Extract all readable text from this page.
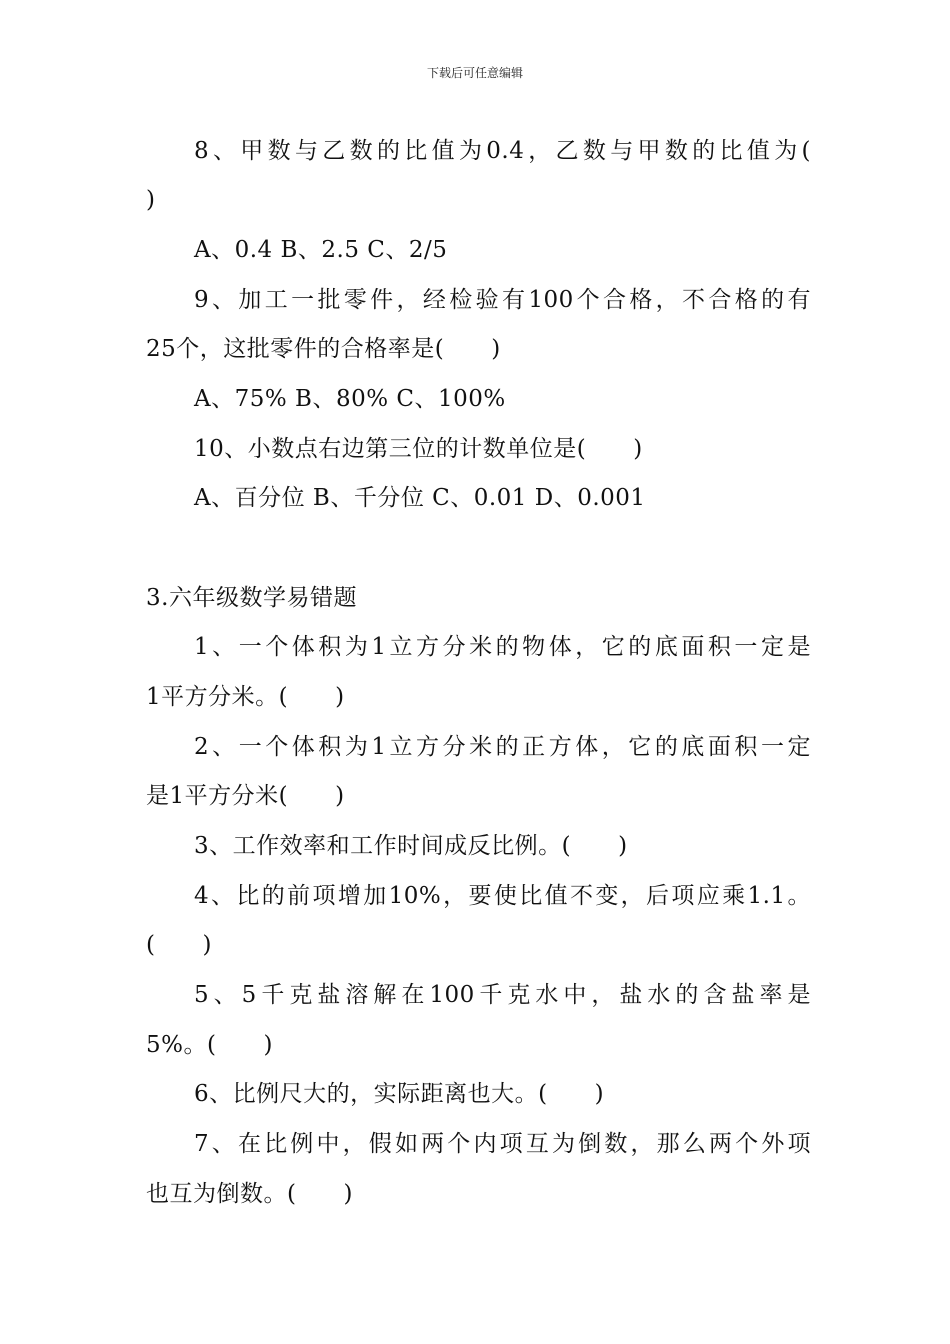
下载后可任意编辑
8、甲数与乙数的比值为0.4，乙数与甲数的比值为(
)
A、0.4 B、2.5 C、2/5
9、加工一批零件，经检验有100个合格，不合格的有
25个，这批零件的合格率是(　　)
A、75% B、80% C、100%
10、小数点右边第三位的计数单位是(　　)
A、百分位 B、千分位 C、0.01 D、0.001
3.六年级数学易错题
1、一个体积为1立方分米的物体，它的底面积一定是
1平方分米。(　　)
2、一个体积为1立方分米的正方体，它的底面积一定
是1平方分米(　　)
3、工作效率和工作时间成反比例。(　　)
4、比的前项增加10%，要使比值不变，后项应乘1.1。
(　　)
5、5千克盐溶解在100千克水中，盐水的含盐率是
5%。(　　)
6、比例尺大的，实际距离也大。(　　)
7、在比例中，假如两个内项互为倒数，那么两个外项
也互为倒数。(　　)
